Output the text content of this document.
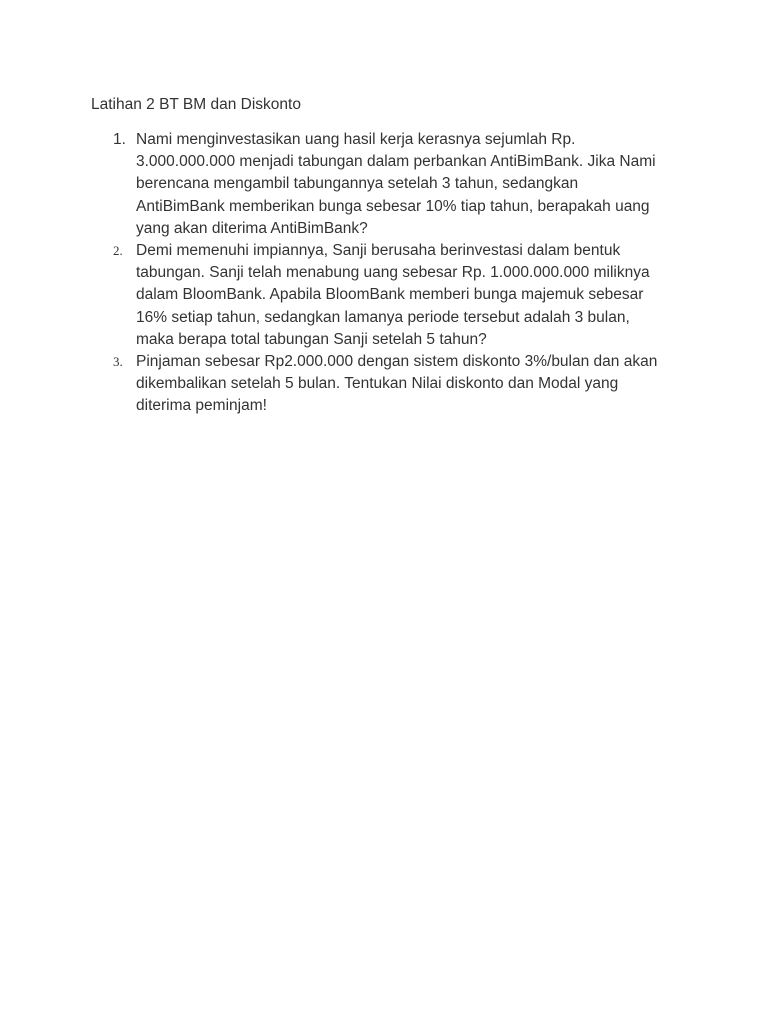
Latihan 2 BT BM dan Diskonto
1. Nami menginvestasikan uang hasil kerja kerasnya sejumlah Rp.
3.000.000.000 menjadi tabungan dalam perbankan AntiBimBank. Jika Nami
berencana mengambil tabungannya setelah 3 tahun, sedangkan
AntiBimBank memberikan bunga sebesar 10% tiap tahun, berapakah uang
yang akan diterima AntiBimBank?
2. Demi memenuhi impiannya, Sanji berusaha berinvestasi dalam bentuk
tabungan. Sanji telah menabung uang sebesar Rp. 1.000.000.000 miliknya
dalam BloomBank. Apabila BloomBank memberi bunga majemuk sebesar
16% setiap tahun, sedangkan lamanya periode tersebut adalah 3 bulan,
maka berapa total tabungan Sanji setelah 5 tahun?
3. Pinjaman sebesar Rp2.000.000 dengan sistem diskonto 3%/bulan dan akan
dikembalikan setelah 5 bulan. Tentukan Nilai diskonto dan Modal yang
diterima peminjam!
